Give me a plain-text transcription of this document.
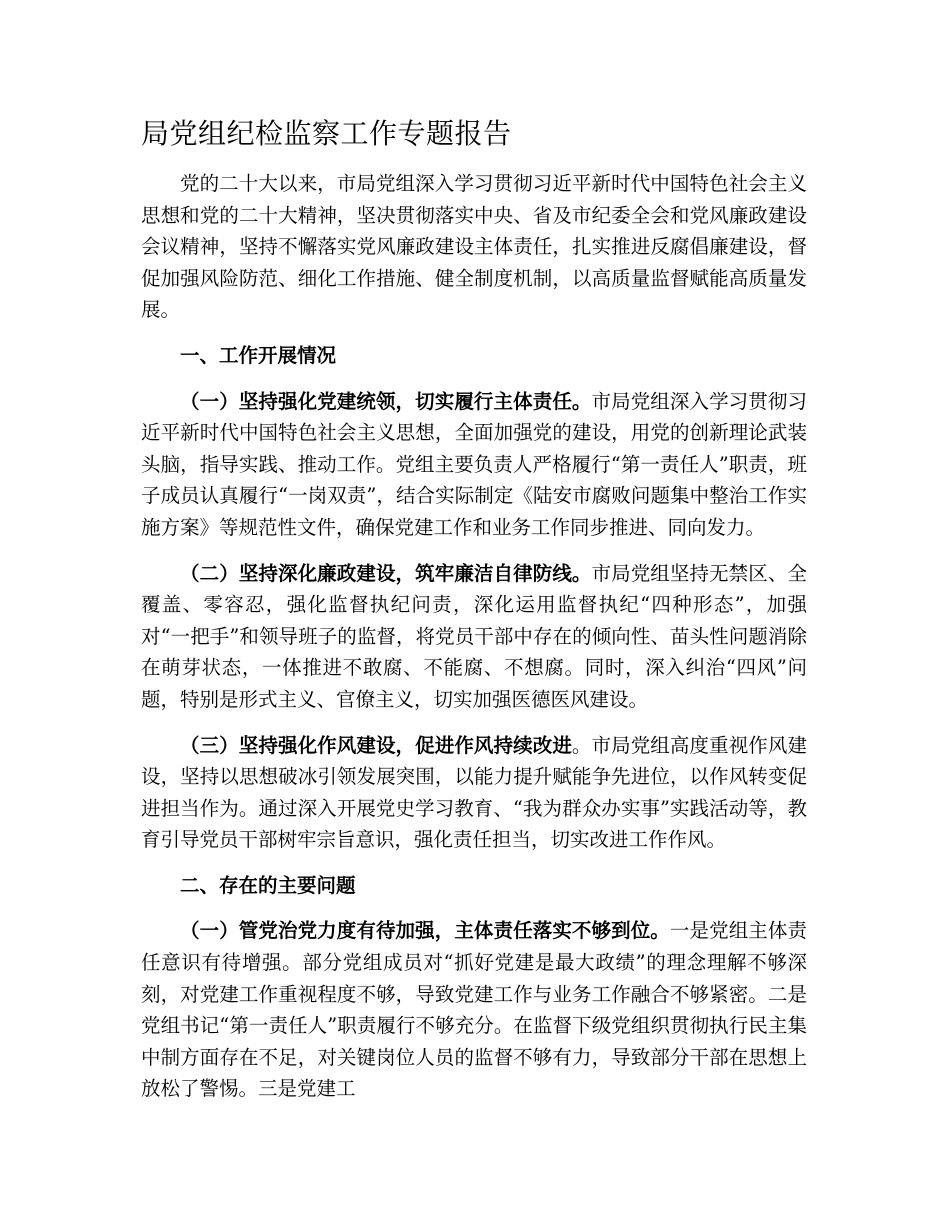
局党组纪检监察工作专题报告

党的二十大以来，市局党组深入学习贯彻习近平新时代中国特色社会主义思想和党的二十大精神，坚决贯彻落实中央、省及市纪委全会和党风廉政建设会议精神，坚持不懈落实党风廉政建设主体责任，扎实推进反腐倡廉建设，督促加强风险防范、细化工作措施、健全制度机制，以高质量监督赋能高质量发展。

一、工作开展情况

（一）坚持强化党建统领，切实履行主体责任。市局党组深入学习贯彻习近平新时代中国特色社会主义思想，全面加强党的建设，用党的创新理论武装头脑，指导实践、推动工作。党组主要负责人严格履行“第一责任人”职责，班子成员认真履行“一岗双责”，结合实际制定《陆安市腐败问题集中整治工作实施方案》等规范性文件，确保党建工作和业务工作同步推进、同向发力。

（二）坚持深化廉政建设，筑牢廉洁自律防线。市局党组坚持无禁区、全覆盖、零容忍，强化监督执纪问责，深化运用监督执纪“四种形态”，加强对“一把手”和领导班子的监督，将党员干部中存在的倾向性、苗头性问题消除在萌芽状态，一体推进不敢腐、不能腐、不想腐。同时，深入纠治“四风”问题，特别是形式主义、官僚主义，切实加强医德医风建设。

（三）坚持强化作风建设，促进作风持续改进。市局党组高度重视作风建设，坚持以思想破冰引领发展突围，以能力提升赋能争先进位，以作风转变促进担当作为。通过深入开展党史学习教育、“我为群众办实事”实践活动等，教育引导党员干部树牢宗旨意识，强化责任担当，切实改进工作作风。

二、存在的主要问题

（一）管党治党力度有待加强，主体责任落实不够到位。一是党组主体责任意识有待增强。部分党组成员对“抓好党建是最大政绩”的理念理解不够深刻，对党建工作重视程度不够，导致党建工作与业务工作融合不够紧密。二是党组书记“第一责任人”职责履行不够充分。在监督下级党组织贯彻执行民主集中制方面存在不足，对关键岗位人员的监督不够有力，导致部分干部在思想上放松了警惕。三是党建工
